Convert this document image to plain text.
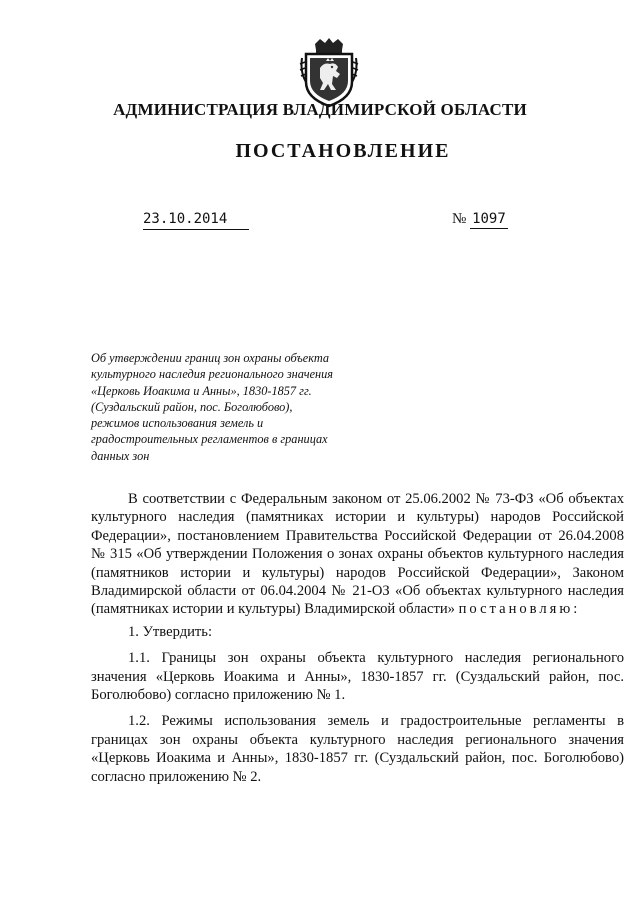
АДМИНИСТРАЦИЯ ВЛАДИМИРСКОЙ ОБЛАСТИ
ПОСТАНОВЛЕНИЕ
23.10.2014	№ 1097
Об утверждении границ зон охраны объекта
культурного наследия регионального значения
«Церковь Иоакима и Анны», 1830-1857 гг.
(Суздальский район, пос. Боголюбово),
режимов использования земель и
градостроительных регламентов в границах
данных зон

В соответствии с Федеральным законом от 25.06.2002 № 73-ФЗ «Об объектах культурного наследия (памятниках истории и культуры) народов Российской Федерации», постановлением Правительства Российской Федерации от 26.04.2008 № 315 «Об утверждении Положения о зонах охраны объектов культурного наследия (памятников истории и культуры) народов Российской Федерации», Законом Владимирской области от 06.04.2004 № 21-ОЗ «Об объектах культурного наследия (памятниках истории и культуры) Владимирской области» постановляю:

1. Утвердить:

1.1. Границы зон охраны объекта культурного наследия регионального значения «Церковь Иоакима и Анны», 1830-1857 гг. (Суздальский район, пос. Боголюбово) согласно приложению № 1.

1.2. Режимы использования земель и градостроительные регламенты в границах зон охраны объекта культурного наследия регионального значения «Церковь Иоакима и Анны», 1830-1857 гг. (Суздальский район, пос. Боголюбово) согласно приложению № 2.
